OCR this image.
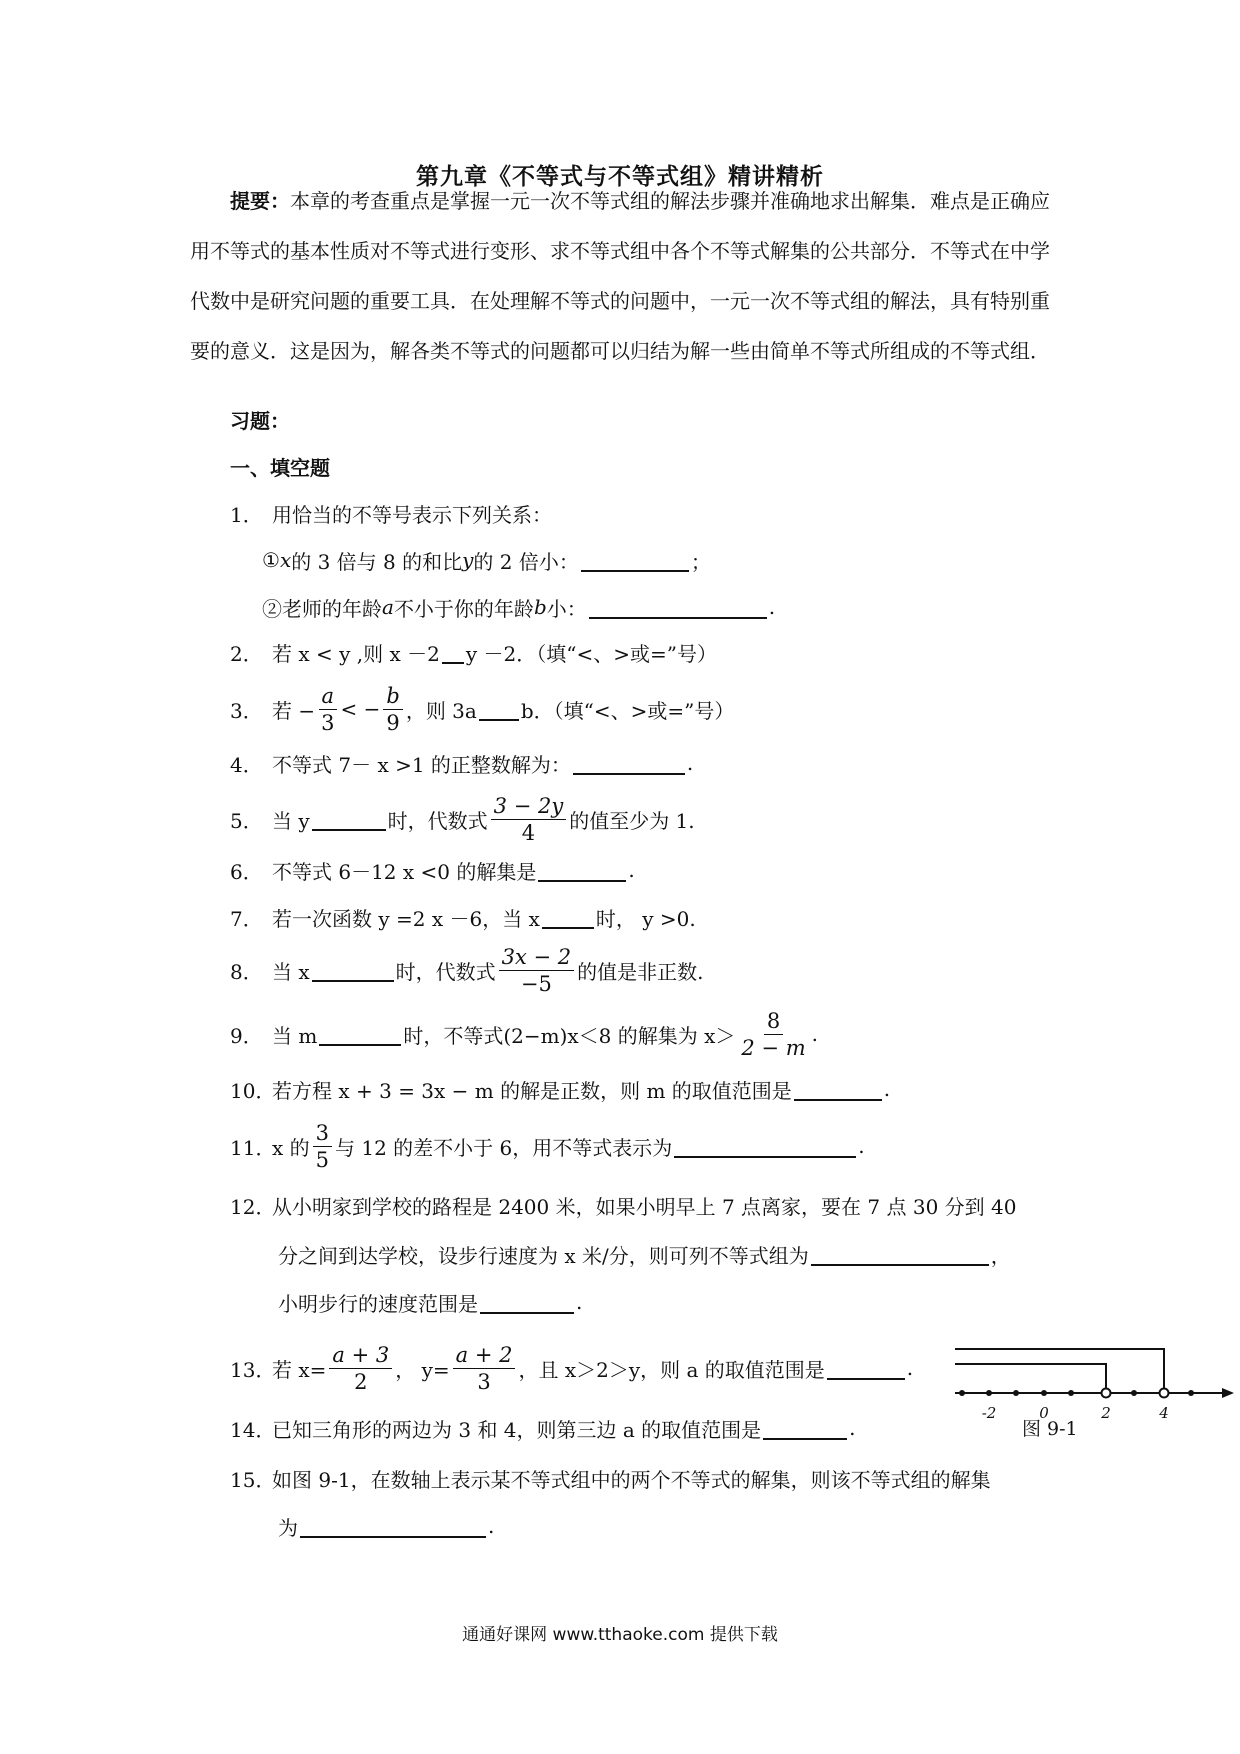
第九章《不等式与不等式组》精讲精析

提要：本章的考查重点是掌握一元一次不等式组的解法步骤并准确地求出解集．难点是正确应用不等式的基本性质对不等式进行变形、求不等式组中各个不等式解集的公共部分．不等式在中学代数中是研究问题的重要工具．在处理解不等式的问题中，一元一次不等式组的解法，具有特别重要的意义．这是因为，解各类不等式的问题都可以归结为解一些由简单不等式所组成的不等式组．

习题：
一、填空题
1． 用恰当的不等号表示下列关系：
① x 的 3 倍与 8 的和比 y 的 2 倍小：	；
②老师的年龄 a 不小于你的年龄 b 小：	.
2． 若 x < y ,则 x －2 y －2．（填“<、>或=”号）
3． 若 − $\frac{a}{3}$ < − $\frac{b}{9}$ ，则 3a b．（填“<、>或=”号）
4． 不等式 7－ x >1 的正整数解为：	.
5． 当 y	时，代数式 $\frac{3 - 2y}{4}$ 的值至少为 1.
6． 不等式 6－12 x <0 的解集是	.
7． 若一次函数 y =2 x －6，当 x	时， y >0.
8． 当 x	时，代数式 $\frac{3x - 2}{-5}$ 的值是非正数.
9． 当 m	时，不等式(2−m)x＜8 的解集为 $x> \frac{8}{2 - m}$ .
10．
若方程 x + 3 = 3x − m 的解是正数，则 m 的取值范围是	.
11．
x 的 $\frac{3}{5}$ 与 12 的差不小于 6，用不等式表示为	.
12．
从小明家到学校的路程是 2400 米，如果小明早上 7 点离家，要在 7 点 30 分到 40
分之间到达学校，设步行速度为 x 米/分，则可列不等式组为	，
小明步行的速度范围是	.
13．
若 $x= \frac{a + 3}{2}$ ， $y= \frac{a + 2}{3}$ ，且 x＞2＞y，则 a 的取值范围是	.
14．
已知三角形的两边为 3 和 4，则第三边 a 的取值范围是	.
15．
如图 9-1，在数轴上表示某不等式组中的两个不等式的解集，则该不等式组的解集
为	.
-2	0	2	4
图 9-1
通通好课网 www.tthaoke.com 提供下载
